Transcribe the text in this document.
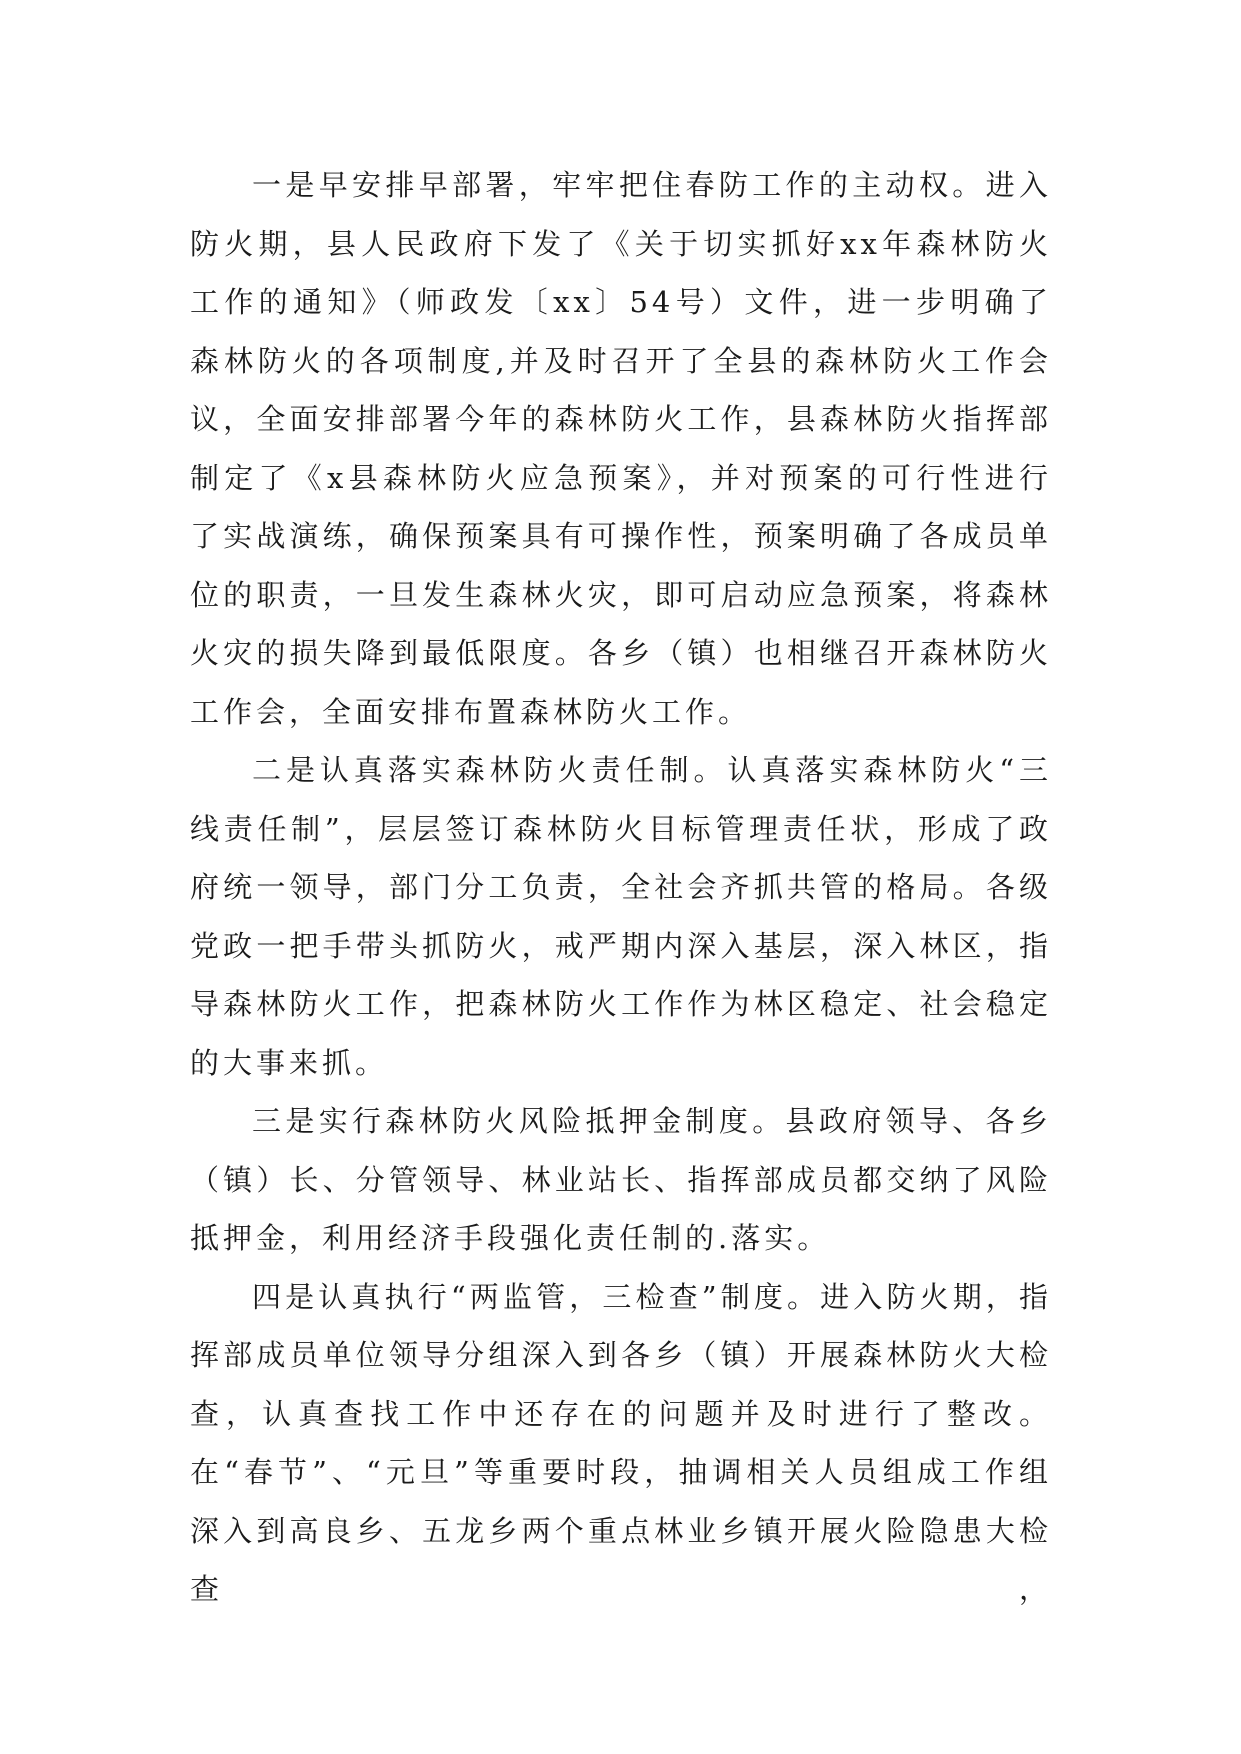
一是早安排早部署，牢牢把住春防工作的主动权。进入防火期，县人民政府下发了《关于切实抓好xx年森林防火工作的通知》（师政发〔xx〕54号）文件，进一步明确了森林防火的各项制度,并及时召开了全县的森林防火工作会议，全面安排部署今年的森林防火工作，县森林防火指挥部制定了《x县森林防火应急预案》，并对预案的可行性进行了实战演练，确保预案具有可操作性，预案明确了各成员单位的职责，一旦发生森林火灾，即可启动应急预案，将森林火灾的损失降到最低限度。各乡（镇）也相继召开森林防火工作会，全面安排布置森林防火工作。

二是认真落实森林防火责任制。认真落实森林防火“三线责任制”，层层签订森林防火目标管理责任状，形成了政府统一领导，部门分工负责，全社会齐抓共管的格局。各级党政一把手带头抓防火，戒严期内深入基层，深入林区，指导森林防火工作，把森林防火工作作为林区稳定、社会稳定的大事来抓。

三是实行森林防火风险抵押金制度。县政府领导、各乡（镇）长、分管领导、林业站长、指挥部成员都交纳了风险抵押金，利用经济手段强化责任制的.落实。

四是认真执行“两监管，三检查”制度。进入防火期，指挥部成员单位领导分组深入到各乡（镇）开展森林防火大检查，认真查找工作中还存在的问题并及时进行了整改。在“春节”、“元旦”等重要时段，抽调相关人员组成工作组深入到高良乡、五龙乡两个重点林业乡镇开展火险隐患大检查，
